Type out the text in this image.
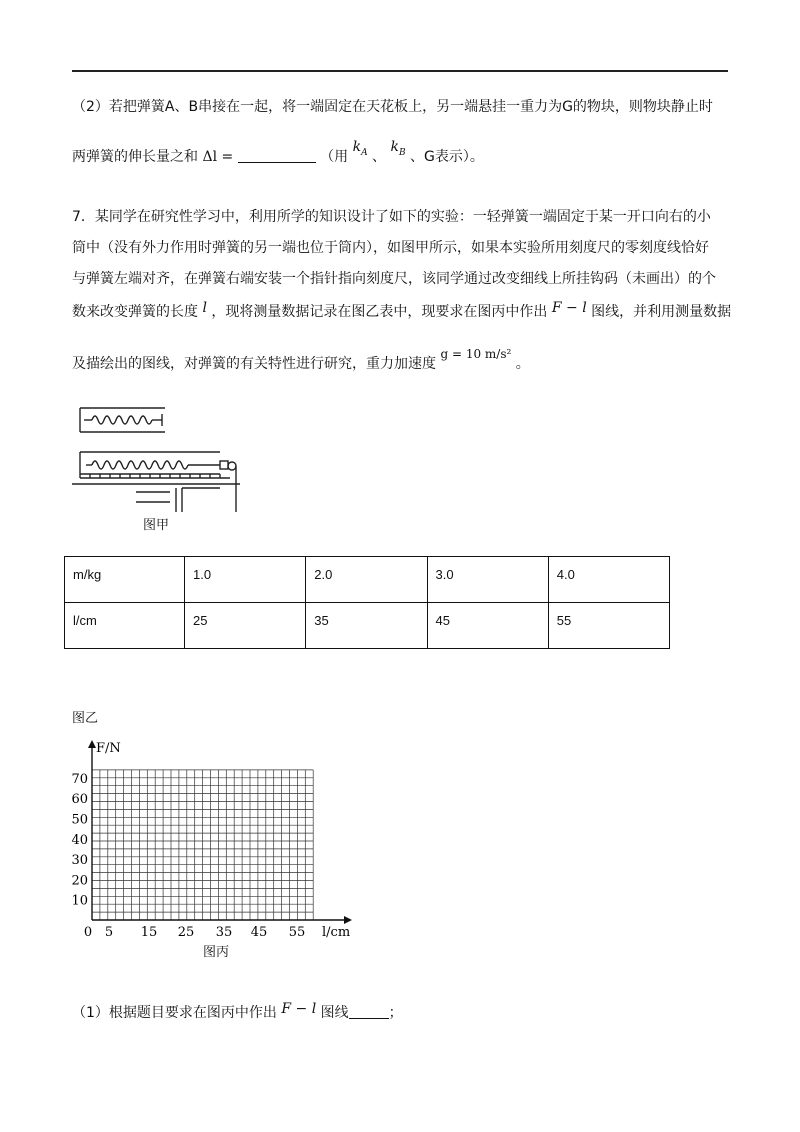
（2）若把弹簧A、B串接在一起，将一端固定在天花板上，另一端悬挂一重力为G的物块，则物块静止时
两弹簧的伸长量之和 Δl =	（用 $k_A$ 、 $k_B$ 、G表示）。
7．某同学在研究性学习中，利用所学的知识设计了如下的实验：一轻弹簧一端固定于某一开口向右的小
筒中（没有外力作用时弹簧的另一端也位于筒内），如图甲所示，如果本实验所用刻度尺的零刻度线恰好
与弹簧左端对齐，在弹簧右端安装一个指针指向刻度尺，该同学通过改变细线上所挂钩码（未画出）的个
数来改变弹簧的长度 l ，现将测量数据记录在图乙表中，现要求在图丙中作出 F − l 图线，并利用测量数据
及描绘出的图线，对弹簧的有关特性进行研究，重力加速度 g = 10 m/s² 。
图甲
m/kg	1.0	2.0	3.0	4.0
l/cm	25	35	45	55
图乙
F/N
l/cm
70
60
50
40
30
20
10
0 5 15 25 35 45 55
图丙
（1）根据题目要求在图丙中作出 F − l 图线	；
